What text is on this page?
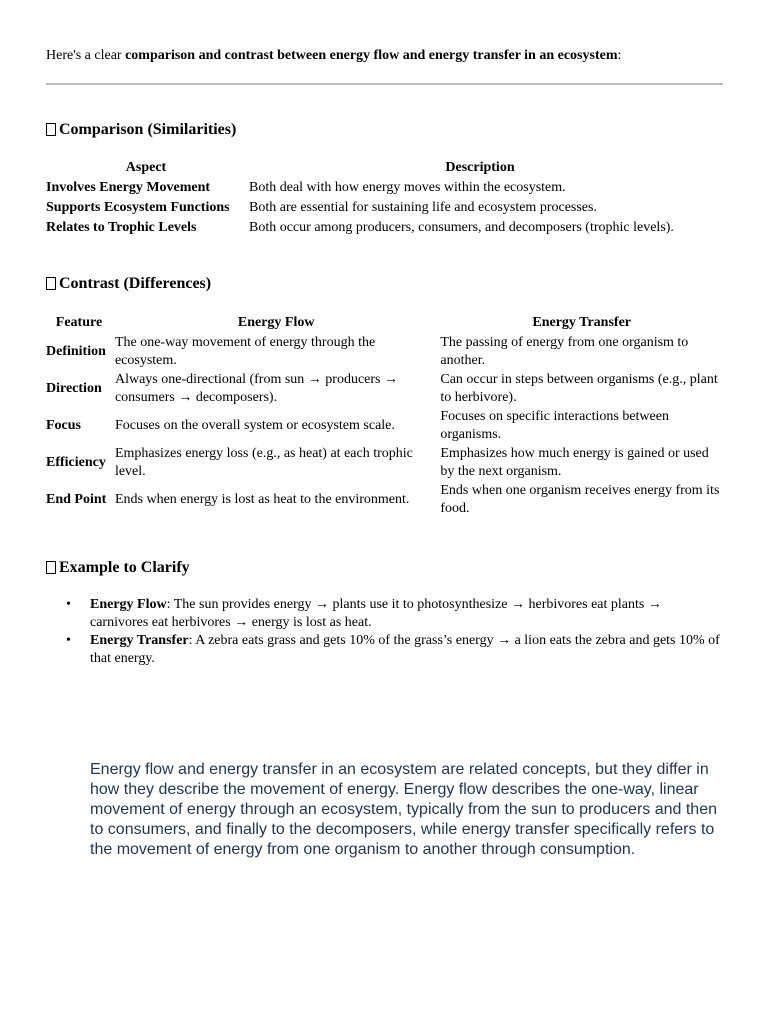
Here's a clear comparison and contrast between energy flow and energy transfer in an ecosystem:
Comparison (Similarities)
Aspect	Description
Involves Energy Movement	Both deal with how energy moves within the ecosystem.
Supports Ecosystem Functions	Both are essential for sustaining life and ecosystem processes.
Relates to Trophic Levels	Both occur among producers, consumers, and decomposers (trophic levels).
Contrast (Differences)
Feature	Energy Flow	Energy Transfer
Definition	The one-way movement of energy through the ecosystem.	The passing of energy from one organism to another.
Direction	Always one-directional (from sun → producers → consumers → decomposers).	Can occur in steps between organisms (e.g., plant to herbivore).
Focus	Focuses on the overall system or ecosystem scale.	Focuses on specific interactions between organisms.
Efficiency	Emphasizes energy loss (e.g., as heat) at each trophic level.	Emphasizes how much energy is gained or used by the next organism.
End Point	Ends when energy is lost as heat to the environment.	Ends when one organism receives energy from its food.
Example to Clarify
• Energy Flow: The sun provides energy → plants use it to photosynthesize → herbivores eat plants → carnivores eat herbivores → energy is lost as heat.
• Energy Transfer: A zebra eats grass and gets 10% of the grass’s energy → a lion eats the zebra and gets 10% of that energy.
Energy flow and energy transfer in an ecosystem are related concepts, but they differ in how they describe the movement of energy. Energy flow describes the one-way, linear movement of energy through an ecosystem, typically from the sun to producers and then to consumers, and finally to the decomposers, while energy transfer specifically refers to the movement of energy from one organism to another through consumption.
